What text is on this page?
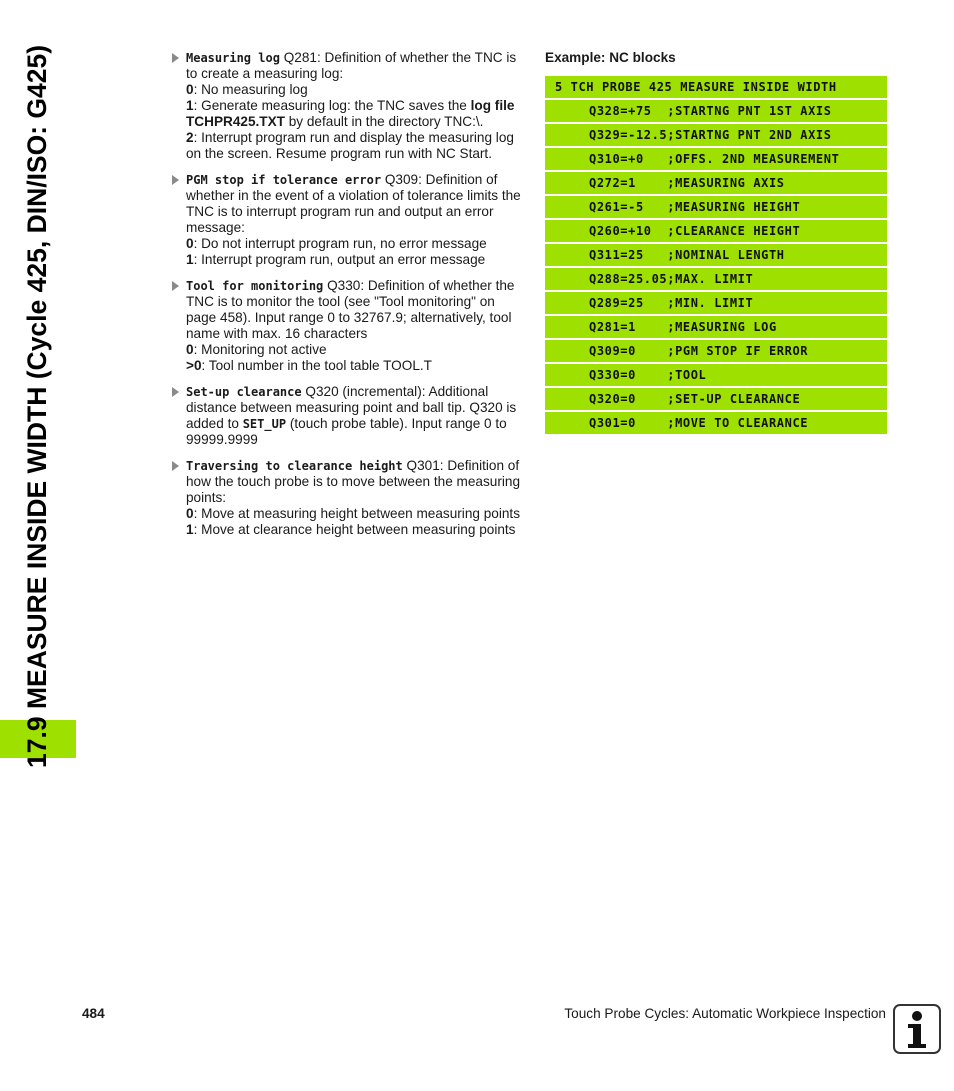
17.9 MEASURE INSIDE WIDTH (Cycle 425, DIN/ISO: G425)	Measuring log Q281: Definition of whether the TNC is to create a measuring log:
0: No measuring log
1: Generate measuring log: the TNC saves the log file TCHPR425.TXT by default in the directory TNC:\.
2: Interrupt program run and display the measuring log on the screen. Resume program run with NC Start.
PGM stop if tolerance error Q309: Definition of whether in the event of a violation of tolerance limits the TNC is to interrupt program run and output an error message:
0: Do not interrupt program run, no error message
1: Interrupt program run, output an error message
Tool for monitoring Q330: Definition of whether the TNC is to monitor the tool (see "Tool monitoring" on page 458). Input range 0 to 32767.9; alternatively, tool name with max. 16 characters
0: Monitoring not active
>0: Tool number in the tool table TOOL.T
Set-up clearance Q320 (incremental): Additional distance between measuring point and ball tip. Q320 is added to SET_UP (touch probe table). Input range 0 to 99999.9999
Traversing to clearance height Q301: Definition of how the touch probe is to move between the measuring points:
0: Move at measuring height between measuring points
1: Move at clearance height between measuring points
Example: NC blocks
5 TCH PROBE 425 MEASURE INSIDE WIDTH
Q328=+75  ;STARTNG PNT 1ST AXIS
Q329=-12.5;STARTNG PNT 2ND AXIS
Q310=+0   ;OFFS. 2ND MEASUREMENT
Q272=1    ;MEASURING AXIS
Q261=-5   ;MEASURING HEIGHT
Q260=+10  ;CLEARANCE HEIGHT
Q311=25   ;NOMINAL LENGTH
Q288=25.05;MAX. LIMIT
Q289=25   ;MIN. LIMIT
Q281=1    ;MEASURING LOG
Q309=0    ;PGM STOP IF ERROR
Q330=0    ;TOOL
Q320=0    ;SET-UP CLEARANCE
Q301=0    ;MOVE TO CLEARANCE
484	Touch Probe Cycles: Automatic Workpiece Inspection
